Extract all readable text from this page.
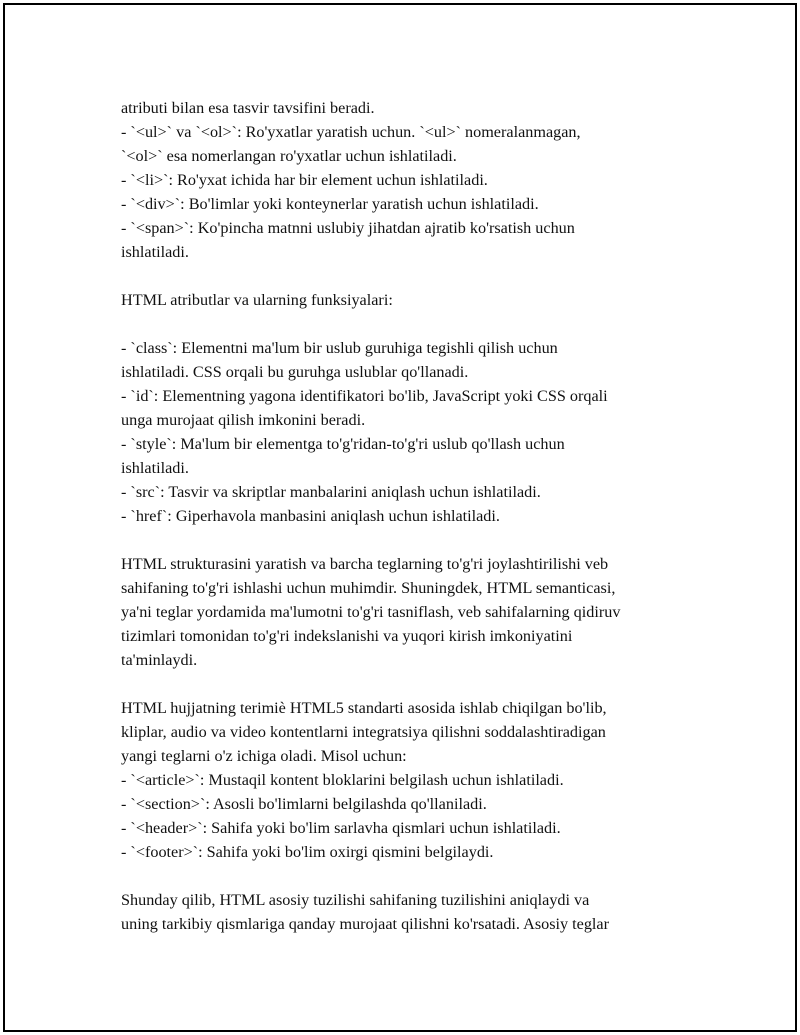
atributi bilan esa tasvir tavsifini beradi.
- `<ul>` va `<ol>`: Ro'yxatlar yaratish uchun. `<ul>` nomeralanmagan,
`<ol>` esa nomerlangan ro'yxatlar uchun ishlatiladi.
- `<li>`: Ro'yxat ichida har bir element uchun ishlatiladi.
- `<div>`: Bo'limlar yoki konteynerlar yaratish uchun ishlatiladi.
- `<span>`: Ko'pincha matnni uslubiy jihatdan ajratib ko'rsatish uchun
ishlatiladi.
HTML atributlar va ularning funksiyalari:
- `class`: Elementni ma'lum bir uslub guruhiga tegishli qilish uchun
ishlatiladi. CSS orqali bu guruhga uslublar qo'llanadi.
- `id`: Elementning yagona identifikatori bo'lib, JavaScript yoki CSS orqali
unga murojaat qilish imkonini beradi.
- `style`: Ma'lum bir elementga to'g'ridan-to'g'ri uslub qo'llash uchun
ishlatiladi.
- `src`: Tasvir va skriptlar manbalarini aniqlash uchun ishlatiladi.
- `href`: Giperhavola manbasini aniqlash uchun ishlatiladi.
HTML strukturasini yaratish va barcha teglarning to'g'ri joylashtirilishi veb
sahifaning to'g'ri ishlashi uchun muhimdir. Shuningdek, HTML semanticasi,
ya'ni teglar yordamida ma'lumotni to'g'ri tasniflash, veb sahifalarning qidiruv
tizimlari tomonidan to'g'ri indekslanishi va yuqori kirish imkoniyatini
ta'minlaydi.
HTML hujjatning terimiè HTML5 standarti asosida ishlab chiqilgan bo'lib,
kliplar, audio va video kontentlarni integratsiya qilishni soddalashtiradigan
yangi teglarni o'z ichiga oladi. Misol uchun:
- `<article>`: Mustaqil kontent bloklarini belgilash uchun ishlatiladi.
- `<section>`: Asosli bo'limlarni belgilashda qo'llaniladi.
- `<header>`: Sahifa yoki bo'lim sarlavha qismlari uchun ishlatiladi.
- `<footer>`: Sahifa yoki bo'lim oxirgi qismini belgilaydi.
Shunday qilib, HTML asosiy tuzilishi sahifaning tuzilishini aniqlaydi va
uning tarkibiy qismlariga qanday murojaat qilishni ko'rsatadi. Asosiy teglar
